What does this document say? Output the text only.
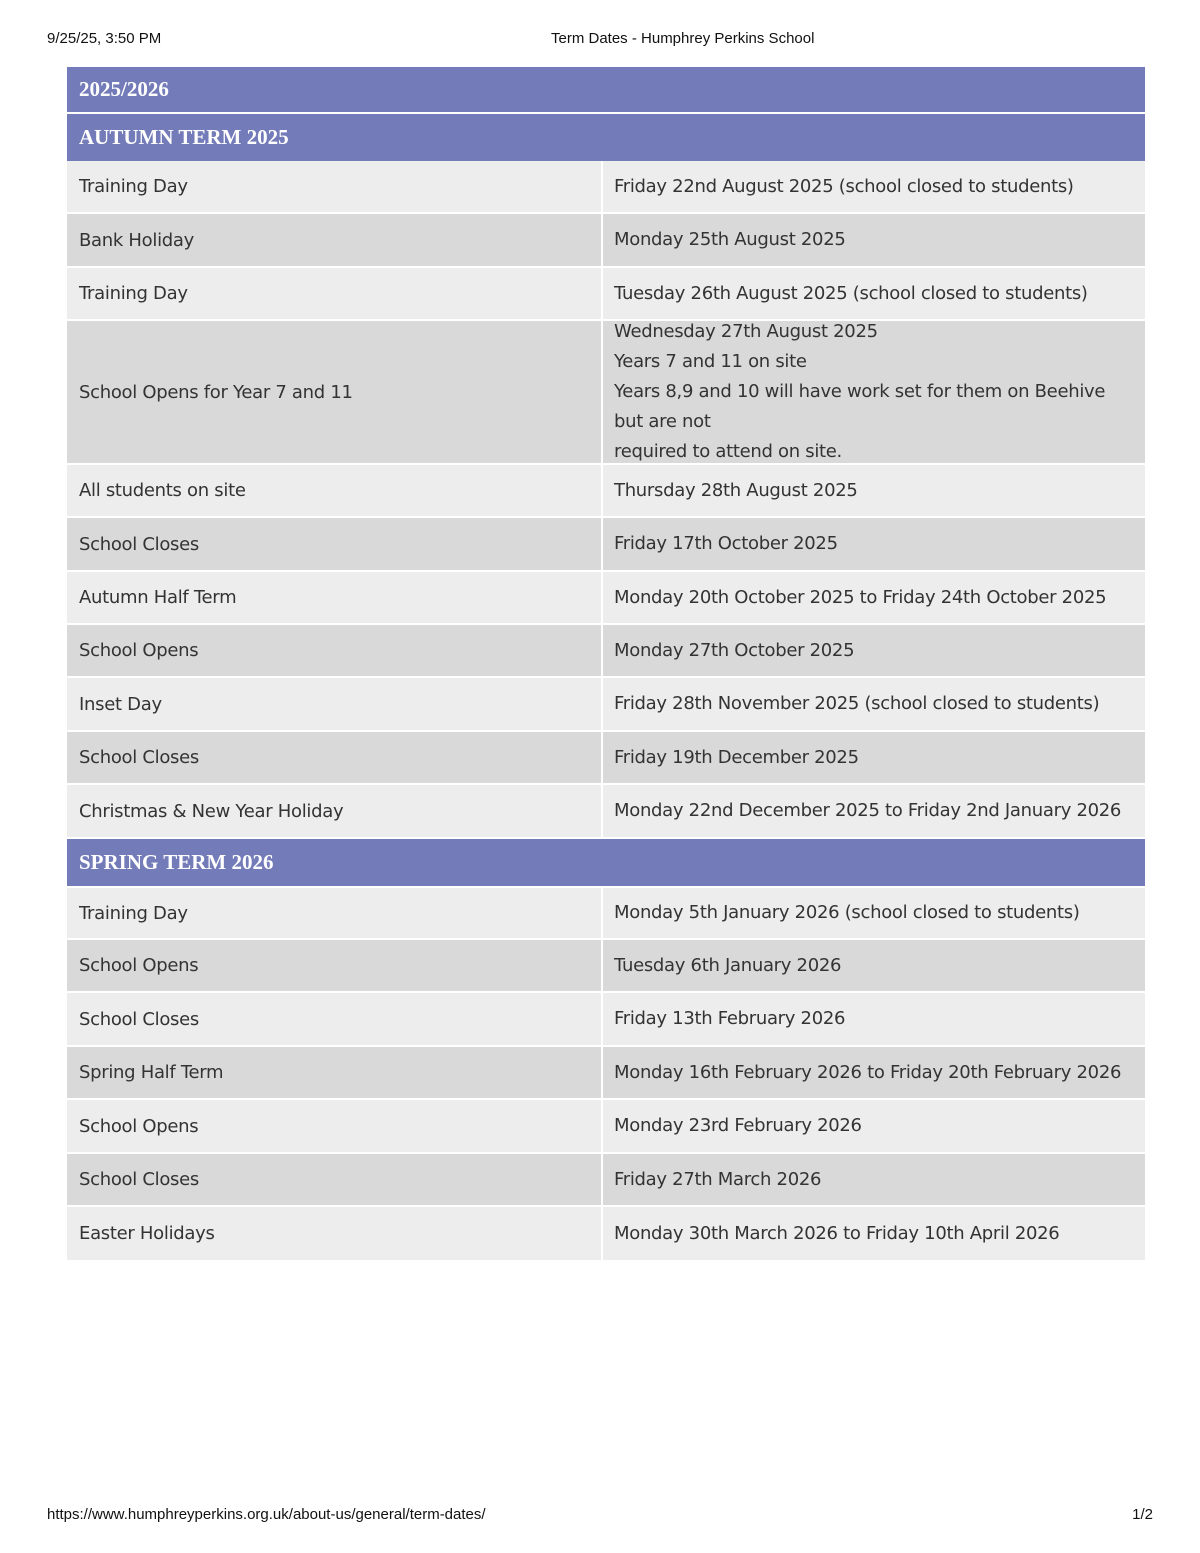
9/25/25, 3:50 PM	Term Dates - Humphrey Perkins School
2025/2026
AUTUMN TERM 2025
Training Day	Friday 22nd August 2025 (school closed to students)
Bank Holiday	Monday 25th August 2025
Training Day	Tuesday 26th August 2025 (school closed to students)
School Opens for Year 7 and 11
Wednesday 27th August 2025
Years 7 and 11 on site
Years 8,9 and 10 will have work set for them on Beehive but are not
required to attend on site.
All students on site	Thursday 28th August 2025
School Closes	Friday 17th October 2025
Autumn Half Term	Monday 20th October 2025 to Friday 24th October 2025
School Opens	Monday 27th October 2025
Inset Day	Friday 28th November 2025 (school closed to students)
School Closes	Friday 19th December 2025
Christmas & New Year Holiday	Monday 22nd December 2025 to Friday 2nd January 2026
SPRING TERM 2026
Training Day	Monday 5th January 2026 (school closed to students)
School Opens	Tuesday 6th January 2026
School Closes	Friday 13th February 2026
Spring Half Term	Monday 16th February 2026 to Friday 20th February 2026
School Opens	Monday 23rd February 2026
School Closes	Friday 27th March 2026
Easter Holidays	Monday 30th March 2026 to Friday 10th April 2026
https://www.humphreyperkins.org.uk/about-us/general/term-dates/	1/2
